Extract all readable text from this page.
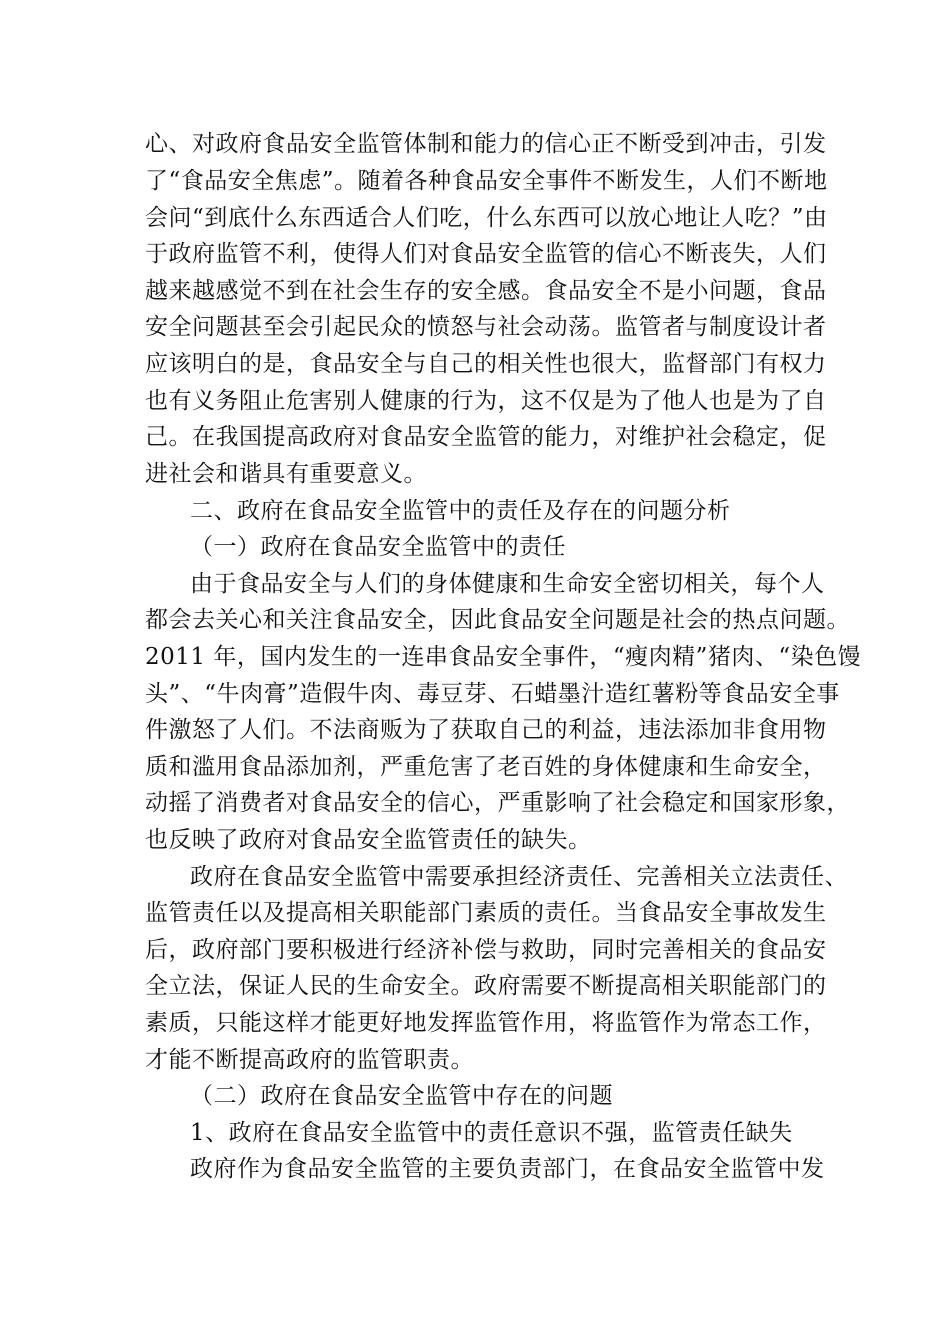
心、对政府食品安全监管体制和能力的信心正不断受到冲击，引发
了“食品安全焦虑”。随着各种食品安全事件不断发生，人们不断地
会问“到底什么东西适合人们吃，什么东西可以放心地让人吃？”由
于政府监管不利，使得人们对食品安全监管的信心不断丧失，人们
越来越感觉不到在社会生存的安全感。食品安全不是小问题，食品
安全问题甚至会引起民众的愤怒与社会动荡。监管者与制度设计者
应该明白的是，食品安全与自己的相关性也很大，监督部门有权力
也有义务阻止危害别人健康的行为，这不仅是为了他人也是为了自
己。在我国提高政府对食品安全监管的能力，对维护社会稳定，促
进社会和谐具有重要意义。
二、政府在食品安全监管中的责任及存在的问题分析
（一）政府在食品安全监管中的责任
由于食品安全与人们的身体健康和生命安全密切相关，每个人
都会去关心和关注食品安全，因此食品安全问题是社会的热点问题。
2011 年，国内发生的一连串食品安全事件，“瘦肉精”猪肉、“染色馒
头”、“牛肉膏”造假牛肉、毒豆芽、石蜡墨汁造红薯粉等食品安全事
件激怒了人们。不法商贩为了获取自己的利益，违法添加非食用物
质和滥用食品添加剂，严重危害了老百姓的身体健康和生命安全，
动摇了消费者对食品安全的信心，严重影响了社会稳定和国家形象，
也反映了政府对食品安全监管责任的缺失。
政府在食品安全监管中需要承担经济责任、完善相关立法责任、
监管责任以及提高相关职能部门素质的责任。当食品安全事故发生
后，政府部门要积极进行经济补偿与救助，同时完善相关的食品安
全立法，保证人民的生命安全。政府需要不断提高相关职能部门的
素质，只能这样才能更好地发挥监管作用，将监管作为常态工作，
才能不断提高政府的监管职责。
（二）政府在食品安全监管中存在的问题
1、政府在食品安全监管中的责任意识不强，监管责任缺失
政府作为食品安全监管的主要负责部门，在食品安全监管中发
